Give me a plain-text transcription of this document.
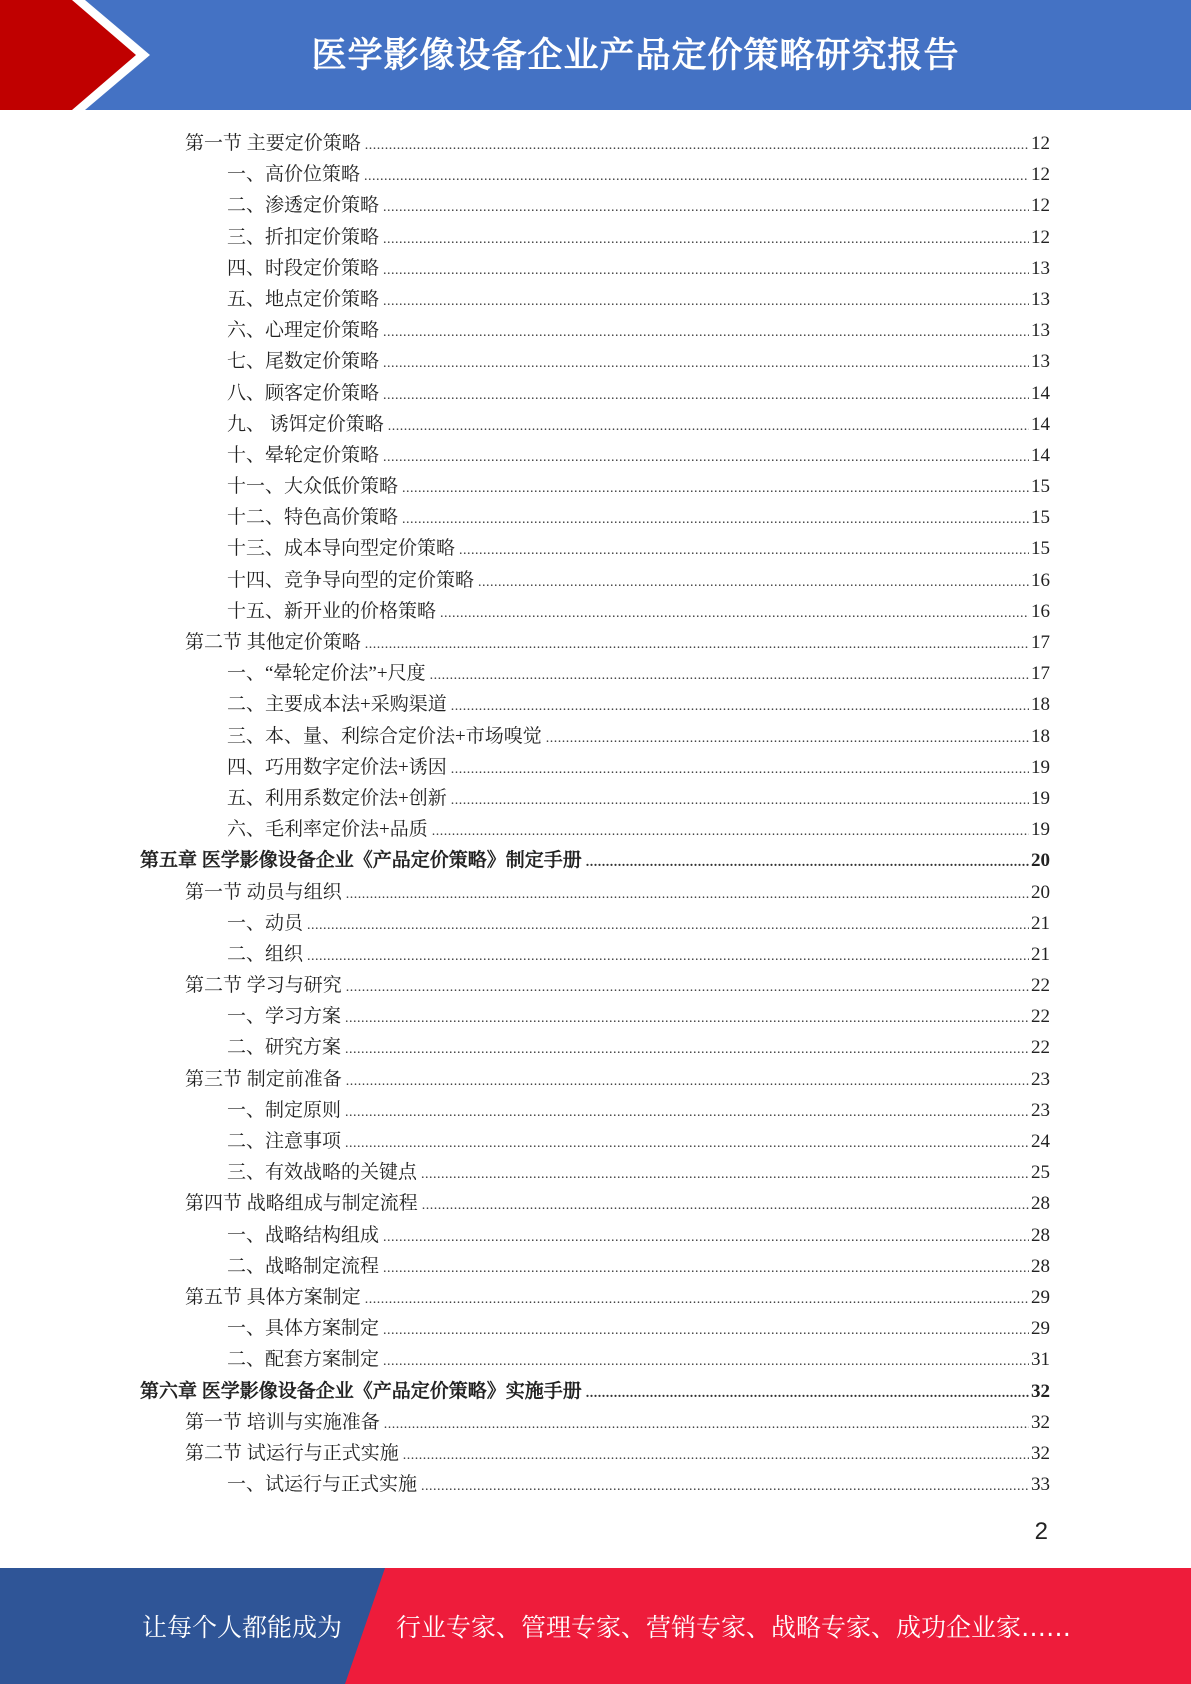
医学影像设备企业产品定价策略研究报告
第一节 主要定价策略 .....	12
一、高价位策略 .....	12
二、渗透定价策略 .....	12
三、折扣定价策略 .....	12
四、时段定价策略 .....	13
五、地点定价策略 .....	13
六、心理定价策略 .....	13
七、尾数定价策略 .....	13
八、顾客定价策略 .....	14
九、 诱饵定价策略 .....	14
十、晕轮定价策略 .....	14
十一、大众低价策略 .....	15
十二、特色高价策略 .....	15
十三、成本导向型定价策略 .....	15
十四、竞争导向型的定价策略 .....	16
十五、新开业的价格策略 .....	16
第二节 其他定价策略 .....	17
一、“晕轮定价法”+尺度 .....	17
二、主要成本法+采购渠道 .....	18
三、本、量、利综合定价法+市场嗅觉 .....	18
四、巧用数字定价法+诱因 .....	19
五、利用系数定价法+创新 .....	19
六、毛利率定价法+品质 .....	19
第五章 医学影像设备企业《产品定价策略》制定手册 .....	20
第一节 动员与组织 .....	20
一、动员 .....	21
二、组织 .....	21
第二节 学习与研究 .....	22
一、学习方案 .....	22
二、研究方案 .....	22
第三节 制定前准备 .....	23
一、制定原则 .....	23
二、注意事项 .....	24
三、有效战略的关键点 .....	25
第四节 战略组成与制定流程 .....	28
一、战略结构组成 .....	28
二、战略制定流程 .....	28
第五节 具体方案制定 .....	29
一、具体方案制定 .....	29
二、配套方案制定 .....	31
第六章 医学影像设备企业《产品定价策略》实施手册 .....	32
第一节 培训与实施准备 .....	32
第二节 试运行与正式实施 .....	32
一、试运行与正式实施 .....	33
2
让每个人都能成为 行业专家、管理专家、营销专家、战略专家、成功企业家……
